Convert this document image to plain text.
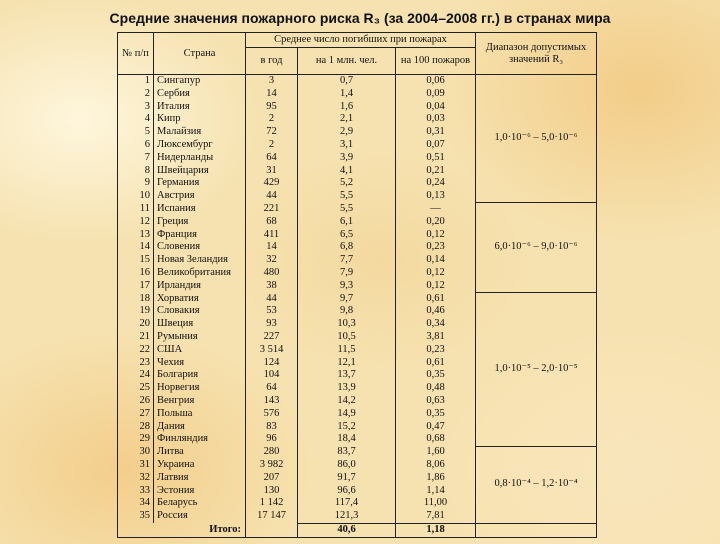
Средние значения пожарного риска R₃ (за 2004–2008 гг.) в странах мира
№ п/п	Страна	Среднее число погибших при пожарах			Диапазон допустимых значений R₃
		в год	на 1 млн. чел.	на 100 пожаров	
1	Сингапур	3	0,7	0,06	1,0·10⁻⁶ – 5,0·10⁻⁶
2	Сербия	14	1,4	0,09	
3	Италия	95	1,6	0,04	
4	Кипр	2	2,1	0,03	
5	Малайзия	72	2,9	0,31	
6	Люксембург	2	3,1	0,07	
7	Нидерланды	64	3,9	0,51	
8	Швейцария	31	4,1	0,21	
9	Германия	429	5,2	0,24	
10	Австрия	44	5,5	0,13	
11	Испания	221	5,5	—	6,0·10⁻⁶ – 9,0·10⁻⁶
12	Греция	68	6,1	0,20	
13	Франция	411	6,5	0,12	
14	Словения	14	6,8	0,23	
15	Новая Зеландия	32	7,7	0,14	
16	Великобритания	480	7,9	0,12	
17	Ирландия	38	9,3	0,12	
18	Хорватия	44	9,7	0,61	1,0·10⁻⁵ – 2,0·10⁻⁵
19	Словакия	53	9,8	0,46	
20	Швеция	93	10,3	0,34	
21	Румыния	227	10,5	3,81	
22	США	3 514	11,5	0,23	
23	Чехия	124	12,1	0,61	
24	Болгария	104	13,7	0,35	
25	Норвегия	64	13,9	0,48	
26	Венгрия	143	14,2	0,63	
27	Польша	576	14,9	0,35	
28	Дания	83	15,2	0,47	
29	Финляндия	96	18,4	0,68	
30	Литва	280	83,7	1,60	0,8·10⁻⁴ – 1,2·10⁻⁴
31	Украина	3 982	86,0	8,06	
32	Латвия	207	91,7	1,86	
33	Эстония	130	96,6	1,14	
34	Беларусь	1 142	117,4	11,00	
35	Россия	17 147	121,3	7,81	
Итого:			40,6	1,18	
